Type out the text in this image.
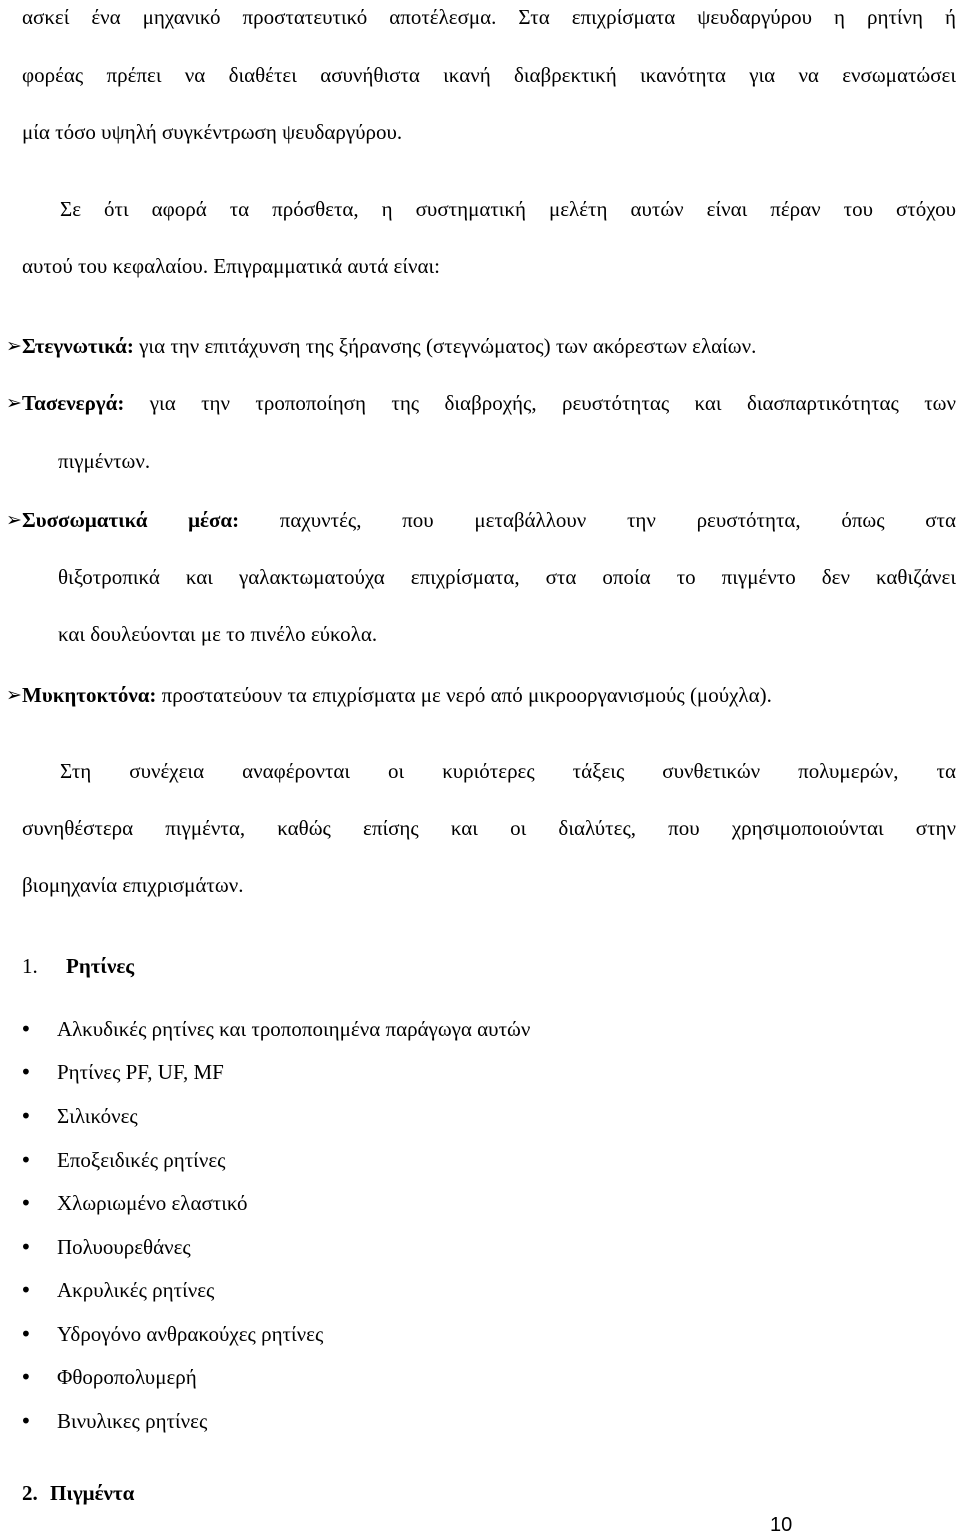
ασκεί ένα μηχανικό προστατευτικό αποτέλεσμα. Στα επιχρίσματα ψευδαργύρου η ρητίνη ή
φορέας πρέπει να διαθέτει ασυνήθιστα ικανή διαβρεκτική ικανότητα για να ενσωματώσει
μία τόσο υψηλή συγκέντρωση ψευδαργύρου.
Σε ότι αφορά τα πρόσθετα, η συστηματική μελέτη αυτών είναι πέραν του στόχου
αυτού του κεφαλαίου. Επιγραμματικά αυτά είναι:
➢ Στεγνωτικά: για την επιτάχυνση της ξήρανσης (στεγνώματος) των ακόρεστων ελαίων.
➢ Τασενεργά: για την τροποποίηση της διαβροχής, ρευστότητας και διασπαρτικότητας των
πιγμέντων.
➢ Συσσωματικά μέσα: παχυντές, που μεταβάλλουν την ρευστότητα, όπως στα
θιξοτροπικά και γαλακτωματούχα επιχρίσματα, στα οποία το πιγμέντο δεν καθιζάνει
και δουλεύονται με το πινέλο εύκολα.
➢ Μυκητοκτόνα: προστατεύουν τα επιχρίσματα με νερό από μικροοργανισμούς (μούχλα).
Στη συνέχεια αναφέρονται οι κυριότερες τάξεις συνθετικών πολυμερών, τα
συνηθέστερα πιγμέντα, καθώς επίσης και οι διαλύτες, που χρησιμοποιούνται στην
βιομηχανία επιχρισμάτων.
1. Ρητίνες
• Αλκυδικές ρητίνες και τροποποιημένα παράγωγα αυτών
• Ρητίνες PF, UF, MF
• Σιλικόνες
• Εποξειδικές ρητίνες
• Χλωριωμένο ελαστικό
• Πολυουρεθάνες
• Ακρυλικές ρητίνες
• Υδρογόνο ανθρακούχες ρητίνες
• Φθοροπολυμερή
• Βινυλικες ρητίνες
2. Πιγμέντα
10
